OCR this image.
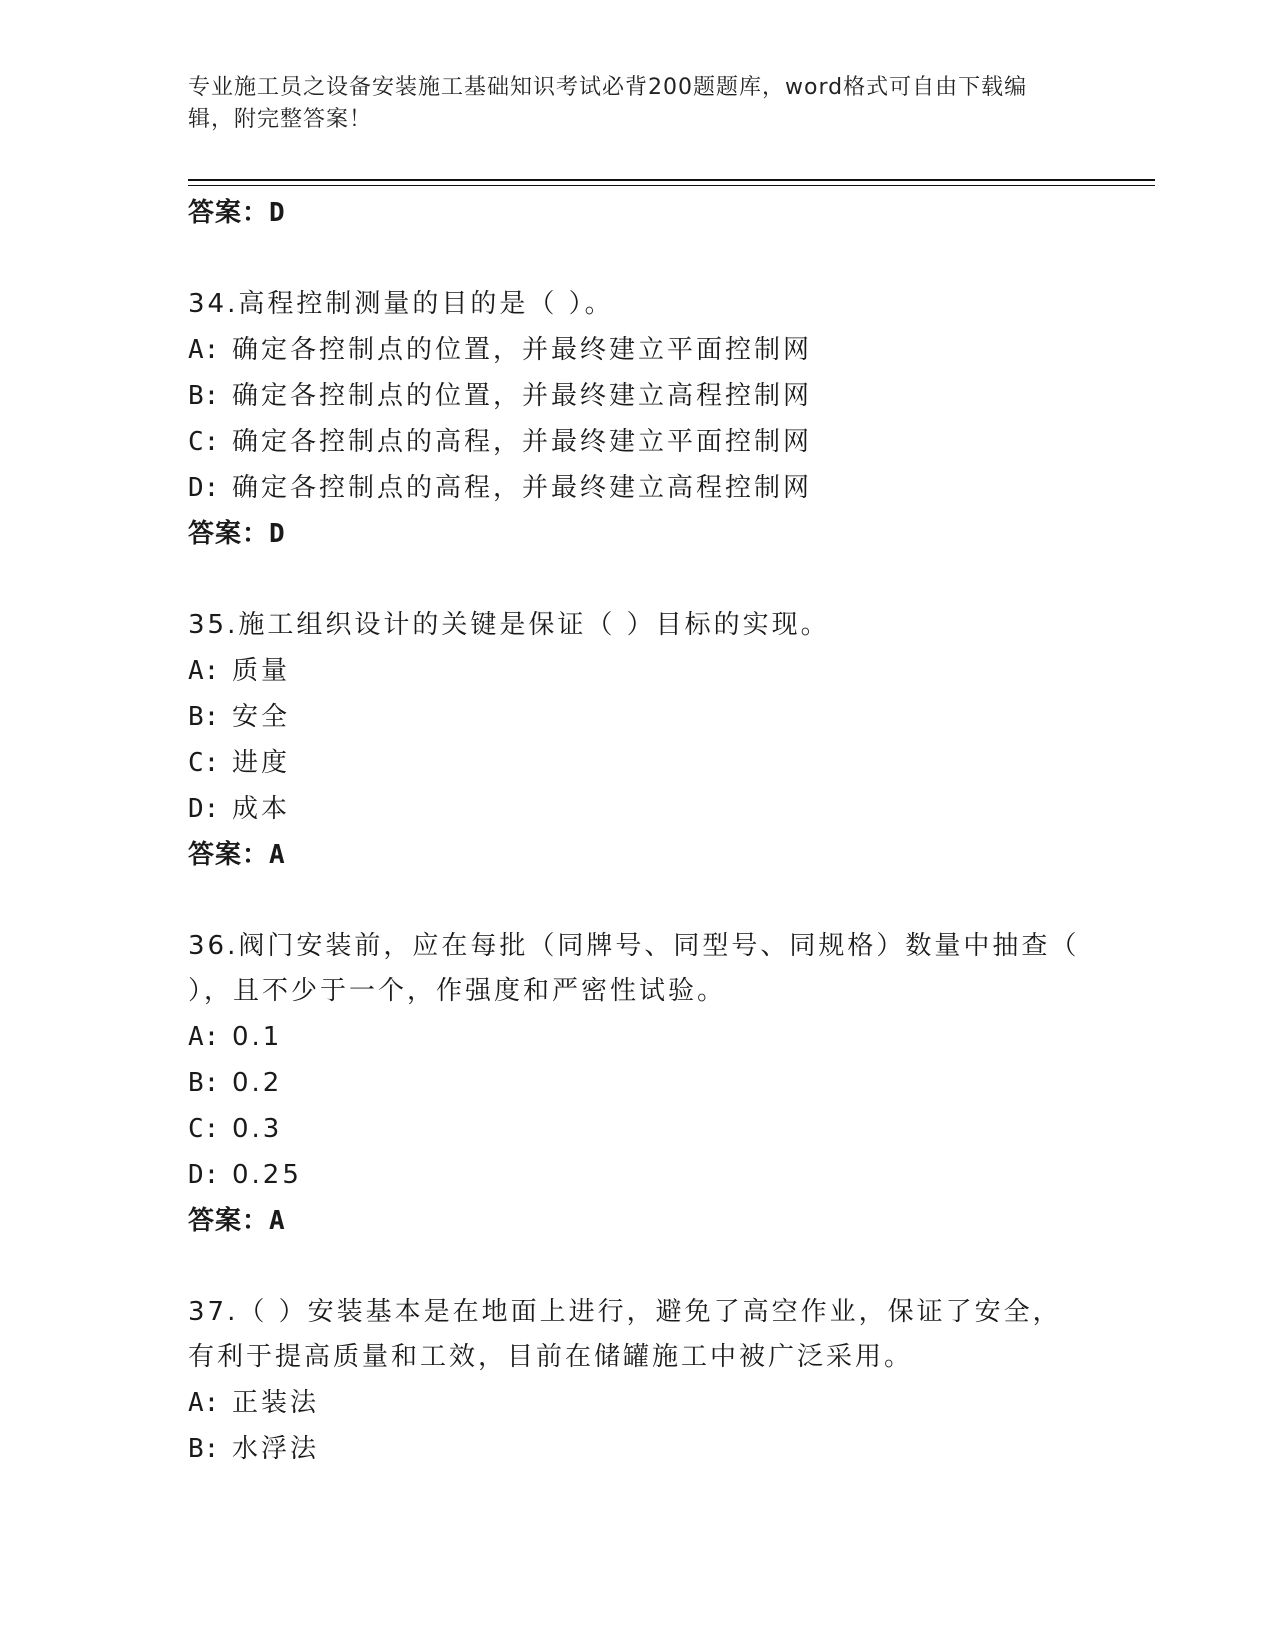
专业施工员之设备安装施工基础知识考试必背200题题库，word格式可自由下载编辑，附完整答案！

答案：D

34.高程控制测量的目的是（ ）。

A: 确定各控制点的位置，并最终建立平面控制网

B: 确定各控制点的位置，并最终建立高程控制网

C: 确定各控制点的高程，并最终建立平面控制网

D: 确定各控制点的高程，并最终建立高程控制网

答案：D

35.施工组织设计的关键是保证（ ）目标的实现。

A: 质量

B: 安全

C: 进度

D: 成本

答案：A

36.阀门安装前，应在每批（同牌号、同型号、同规格）数量中抽查（ ），且不少于一个，作强度和严密性试验。

A: 0.1

B: 0.2

C: 0.3

D: 0.25

答案：A

37.（ ）安装基本是在地面上进行，避免了高空作业，保证了安全，有利于提高质量和工效，目前在储罐施工中被广泛采用。

A: 正装法

B: 水浮法
